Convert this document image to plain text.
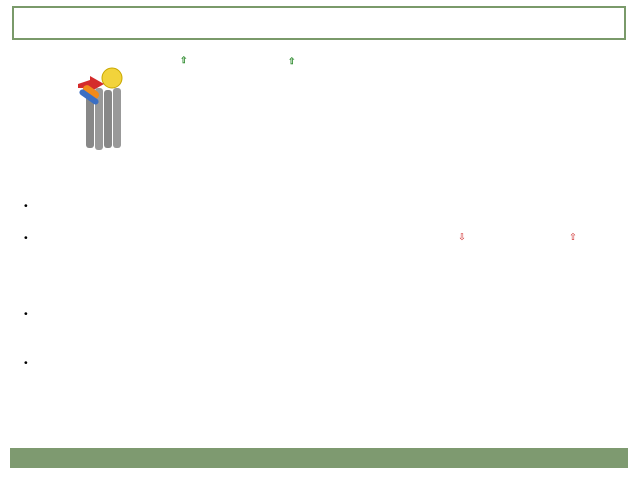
⇧	⇧
•
•
•
•
⇩	⇧
